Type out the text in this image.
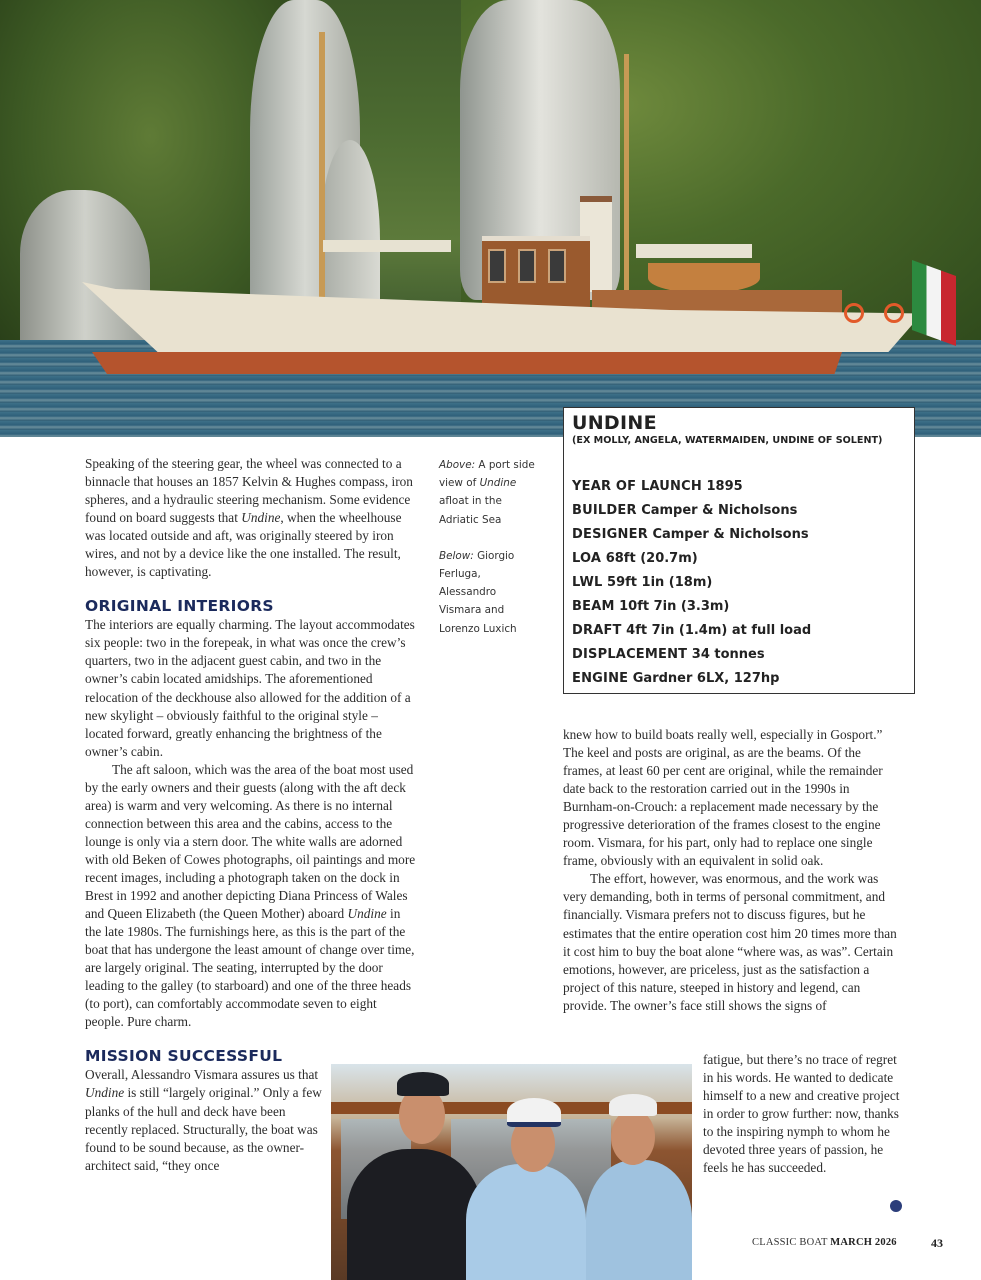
UNDINE
(EX MOLLY, ANGELA, WATERMAIDEN, UNDINE OF SOLENT)
YEAR OF LAUNCH 1895
BUILDER Camper & Nicholsons
DESIGNER Camper & Nicholsons
LOA 68ft (20.7m)
LWL 59ft 1in (18m)
BEAM 10ft 7in (3.3m)
DRAFT 4ft 7in (1.4m) at full load
DISPLACEMENT 34 tonnes
ENGINE Gardner 6LX, 127hp

Speaking of the steering gear, the wheel was connected to a binnacle that houses an 1857 Kelvin & Hughes compass, iron spheres, and a hydraulic steering mechanism. Some evidence found on board suggests that Undine, when the wheelhouse was located outside and aft, was originally steered by iron wires, and not by a device like the one installed. The result, however, is captivating.

ORIGINAL INTERIORS

The interiors are equally charming. The layout accommodates six people: two in the forepeak, in what was once the crew’s quarters, two in the adjacent guest cabin, and two in the owner’s cabin located amidships. The aforementioned relocation of the deckhouse also allowed for the addition of a new skylight – obviously faithful to the original style – located forward, greatly enhancing the brightness of the owner’s cabin.

The aft saloon, which was the area of the boat most used by the early owners and their guests (along with the aft deck area) is warm and very welcoming. As there is no internal connection between this area and the cabins, access to the lounge is only via a stern door. The white walls are adorned with old Beken of Cowes photographs, oil paintings and more recent images, including a photograph taken on the dock in Brest in 1992 and another depicting Diana Princess of Wales and Queen Elizabeth (the Queen Mother) aboard Undine in the late 1980s. The furnishings here, as this is the part of the boat that has undergone the least amount of change over time, are largely original. The seating, interrupted by the door leading to the galley (to starboard) and one of the three heads (to port), can comfortably accommodate seven to eight people. Pure charm.

MISSION SUCCESSFUL

Overall, Alessandro Vismara assures us that Undine is still “largely original.” Only a few planks of the hull and deck have been recently replaced. Structurally, the boat was found to be sound because, as the owner-architect said, “they once

Above: A port side view of Undine afloat in the Adriatic Sea

Below: Giorgio Ferluga, Alessandro Vismara and Lorenzo Luxich

knew how to build boats really well, especially in Gosport.” The keel and posts are original, as are the beams. Of the frames, at least 60 per cent are original, while the remainder date back to the restoration carried out in the 1990s in Burnham-on-Crouch: a replacement made necessary by the progressive deterioration of the frames closest to the engine room. Vismara, for his part, only had to replace one single frame, obviously with an equivalent in solid oak.

The effort, however, was enormous, and the work was very demanding, both in terms of personal commitment, and financially. Vismara prefers not to discuss figures, but he estimates that the entire operation cost him 20 times more than it cost him to buy the boat alone “where was, as was”. Certain emotions, however, are priceless, just as the satisfaction a project of this nature, steeped in history and legend, can provide. The owner’s face still shows the signs of

fatigue, but there’s no trace of regret in his words. He wanted to dedicate himself to a new and creative project in order to grow further: now, thanks to the inspiring nymph to whom he devoted three years of passion, he feels he has succeeded.

CLASSIC BOAT MARCH 2026	43
